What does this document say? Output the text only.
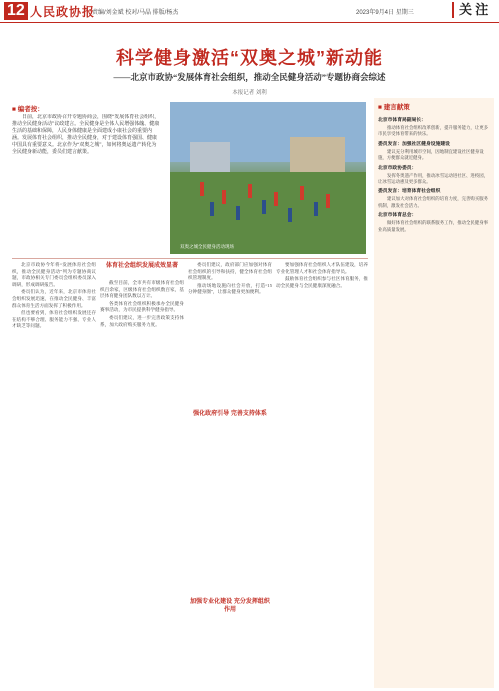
12 人民政协报
责编/刘金斌 校对/马晶 排版/杨杰	2023年9月4日 星期三	关 注
科学健身激活“双奥之城”新动能
——北京市政协“发展体育社会组织，推动全民健身活动”专题协商会综述
本报记者 刘利
■ 编者按：
日前，北京市政协召开专题协商会，围绕“发展体育社会组织，推动全民健身活动”议政建言。全民健身是全体人民增强体魄、健康生活的基础和保障，人民身体健康是全面建成小康社会的重要内涵。发展体育社会组织，推动全民健身，对于建设体育强国、健康中国具有重要意义。北京作为“双奥之城”，如何将奥运遗产转化为全民健身新动能，委员们建言献策。
双奥之城全民健身活动现场

北京市政协今年将“发展体育社会组织，推动全民健身活动”列为专题协商议题，市政协相关专门委员会组织委员深入调研，形成调研报告。

委员们认为，近年来，北京市体育社会组织发展迅速，在推动全民健身、丰富群众体育生活方面发挥了积极作用。

但也要看到，体育社会组织发展还存在结构不够合理、服务能力不强、专业人才缺乏等问题。

体育社会组织发展成效显著

截至目前，全市共有市级体育社会组织百余家，区级体育社会组织数百家，基层体育健身团队数以万计。

各类体育社会组织积极承办全民健身赛事活动，为市民提供科学健身指导。

委员们建议，进一步完善政策支持体系，加大政府购买服务力度。

强化政府引导 完善支持体系

委员们建议，政府部门应加强对体育社会组织的引导和扶持，健全体育社会组织管理制度。

推动场地设施向社会开放，打造“15分钟健身圈”，让群众健身更加便利。

加强专业化建设 充分发挥组织作用

要加强体育社会组织人才队伍建设，培养专业化管理人才和社会体育指导员。

鼓励体育社会组织参与社区体育服务，推动全民健身与全民健康深度融合。

■ 建言献策
北京市体育局副局长：

推动体育社会组织改革创新，提升服务能力，让更多市民享受体育带来的快乐。

委员发言：加强社区健身设施建设

建议充分利用城市空间，因地制宜建设社区健身设施，方便群众就近健身。

北京市政协委员：

发挥冬奥遗产作用，推动冰雪运动进社区、进校园，让冰雪运动惠及更多群众。

委员发言：培育体育社会组织

建议加大对体育社会组织的培育力度，完善购买服务机制，激发社会活力。

北京市体育总会：

做好体育社会组织的联系服务工作，推动全民健身事业高质量发展。
